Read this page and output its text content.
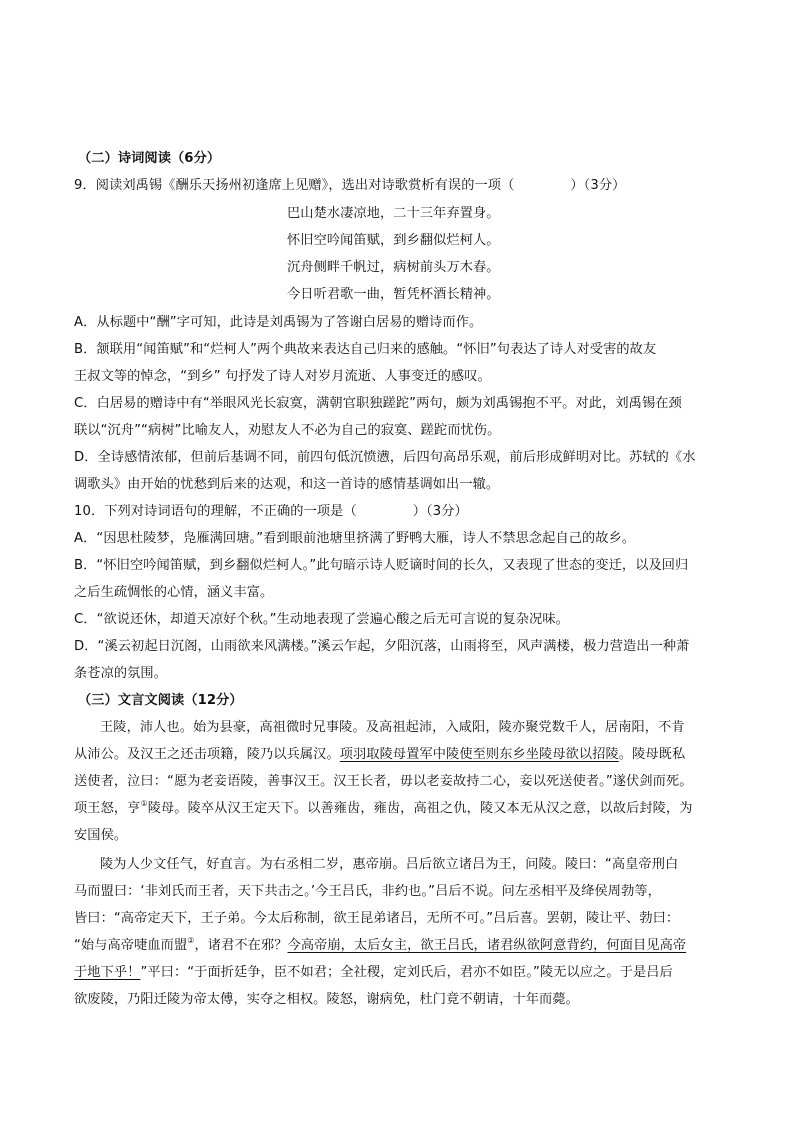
（二）诗词阅读（6分）
9．阅读刘禹锡《酬乐天扬州初逢席上见赠》，选出对诗歌赏析有误的一项（	）（3分）
巴山楚水凄凉地，二十三年弃置身。
怀旧空吟闻笛赋，到乡翻似烂柯人。
沉舟侧畔千帆过，病树前头万木春。
今日听君歌一曲，暂凭杯酒长精神。
A．从标题中“酬”字可知，此诗是刘禹锡为了答谢白居易的赠诗而作。
B．颔联用“闻笛赋”和“烂柯人”两个典故来表达自己归来的感触。“怀旧”句表达了诗人对受害的故友
王叔文等的悼念，“到乡” 句抒发了诗人对岁月流逝、人事变迁的感叹。
C．白居易的赠诗中有“举眼风光长寂寞，满朝官职独蹉跎”两句，颇为刘禹锡抱不平。对此，刘禹锡在颈
联以“沉舟”“病树”比喻友人，劝慰友人不必为自己的寂寞、蹉跎而忧伤。
D．全诗感情浓郁，但前后基调不同，前四句低沉愤懑，后四句高昂乐观，前后形成鲜明对比。苏轼的《水
调歌头》由开始的忧愁到后来的达观，和这一首诗的感情基调如出一辙。
10．下列对诗词语句的理解，不正确的一项是（	）（3分）
A．“因思杜陵梦，凫雁满回塘。”看到眼前池塘里挤满了野鸭大雁，诗人不禁思念起自己的故乡。
B．“怀旧空吟闻笛赋，到乡翻似烂柯人。”此句暗示诗人贬谪时间的长久，又表现了世态的变迁，以及回归
之后生疏惆怅的心情，涵义丰富。
C．“欲说还休，却道天凉好个秋。”生动地表现了尝遍心酸之后无可言说的复杂况味。
D．“溪云初起日沉阁，山雨欲来风满楼。”溪云乍起，夕阳沉落，山雨将至，风声满楼，极力营造出一种萧
条苍凉的氛围。
（三）文言文阅读（12分）
王陵，沛人也。始为县豪，高祖微时兄事陵。及高祖起沛，入咸阳，陵亦聚党数千人，居南阳，不肯
从沛公。及汉王之还击项籍，陵乃以兵属汉。项羽取陵母置军中陵使至则东乡坐陵母欲以招陵。陵母既私
送使者，泣曰：“愿为老妾语陵，善事汉王。汉王长者，毋以老妾故持二心，妾以死送使者。”遂伏剑而死。
项王怒，亨①陵母。陵卒从汉王定天下。以善雍齿，雍齿，高祖之仇，陵又本无从汉之意，以故后封陵，为
安国侯。
陵为人少文任气，好直言。为右丞相二岁，惠帝崩。吕后欲立诸吕为王，问陵。陵曰：“高皇帝刑白
马而盟曰：‘非刘氏而王者，天下共击之。’今王吕氏，非约也。”吕后不说。问左丞相平及绛侯周勃等，
皆曰：“高帝定天下，王子弟。今太后称制，欲王昆弟诸吕，无所不可。”吕后喜。罢朝，陵让平、勃曰：
“始与高帝啑血而盟②，诸君不在邪？今高帝崩，太后女主，欲王吕氏，诸君纵欲阿意背约，何面目见高帝
于地下乎！”平曰：“于面折廷争，臣不如君；全社稷，定刘氏后，君亦不如臣。”陵无以应之。于是吕后
欲废陵，乃阳迁陵为帝太傅，实夺之相权。陵怒，谢病免，杜门竟不朝请，十年而薨。
